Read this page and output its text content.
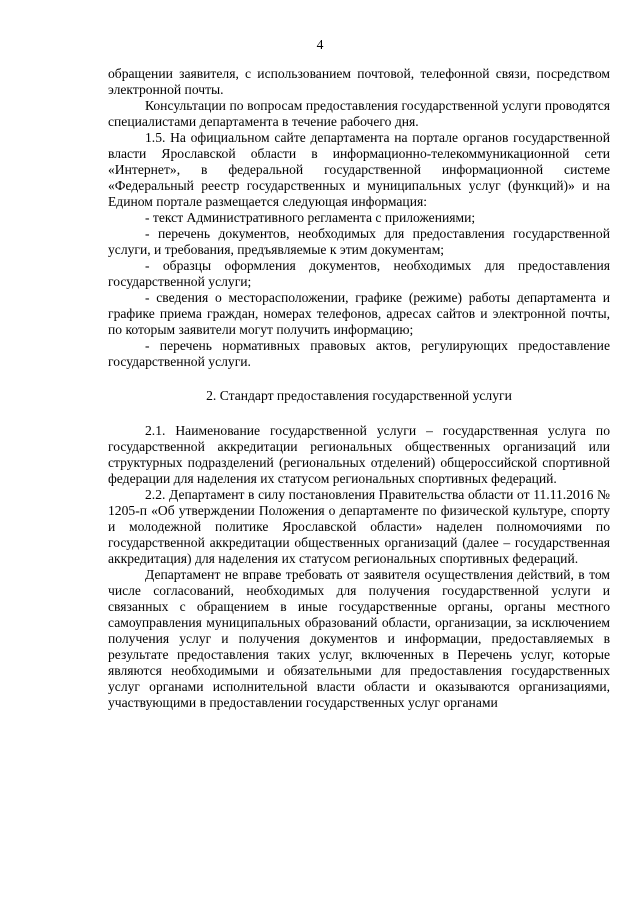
4

обращении заявителя, с использованием почтовой, телефонной связи, посредством электронной почты.

Консультации по вопросам предоставления государственной услуги проводятся специалистами департамента в течение рабочего дня.

1.5. На официальном сайте департамента на портале органов государственной власти Ярославской области в информационно-телекоммуникационной сети «Интернет», в федеральной государственной информационной системе «Федеральный реестр государственных и муниципальных услуг (функций)» и на Едином портале размещается следующая информация:

- текст Административного регламента с приложениями;

- перечень документов, необходимых для предоставления государственной услуги, и требования, предъявляемые к этим документам;

- образцы оформления документов, необходимых для предоставления государственной услуги;

- сведения о месторасположении, графике (режиме) работы департамента и графике приема граждан, номерах телефонов, адресах сайтов и электронной почты, по которым заявители могут получить информацию;

- перечень нормативных правовых актов, регулирующих предоставление государственной услуги.

2. Стандарт предоставления государственной услуги

2.1. Наименование государственной услуги – государственная услуга по государственной аккредитации региональных общественных организаций или структурных подразделений (региональных отделений) общероссийской спортивной федерации для наделения их статусом региональных спортивных федераций.

2.2. Департамент в силу постановления Правительства области от 11.11.2016 № 1205-п «Об утверждении Положения о департаменте по физической культуре, спорту и молодежной политике Ярославской области» наделен полномочиями по государственной аккредитации общественных организаций (далее – государственная аккредитация) для наделения их статусом региональных спортивных федераций.

Департамент не вправе требовать от заявителя осуществления действий, в том числе согласований, необходимых для получения государственной услуги и связанных с обращением в иные государственные органы, органы местного самоуправления муниципальных образований области, организации, за исключением получения услуг и получения документов и информации, предоставляемых в результате предоставления таких услуг, включенных в Перечень услуг, которые являются необходимыми и обязательными для предоставления государственных услуг органами исполнительной власти области и оказываются организациями, участвующими в предоставлении государственных услуг органами
